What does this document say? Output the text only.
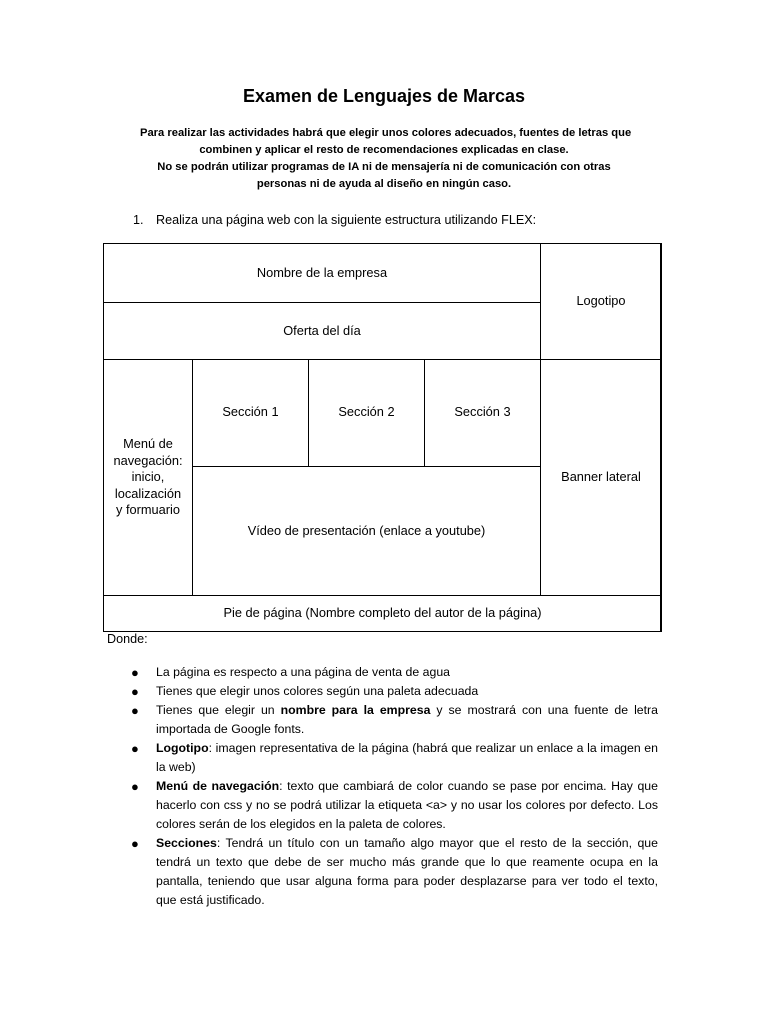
Examen de Lenguajes de Marcas
Para realizar las actividades habrá que elegir unos colores adecuados, fuentes de letras que
combinen y aplicar el resto de recomendaciones explicadas en clase.
No se podrán utilizar programas de IA ni de mensajería ni de comunicación con otras
personas ni de ayuda al diseño en ningún caso.
1. Realiza una página web con la siguiente estructura utilizando FLEX:
Nombre de la empresa
Oferta del día
Logotipo
Menú de
navegación:
inicio,
localización
y formuario
Sección 1	Sección 2	Sección 3
Vídeo de presentación (enlace a youtube)
Banner lateral
Pie de página (Nombre completo del autor de la página)
Donde:
● La página es respecto a una página de venta de agua
● Tienes que elegir unos colores según una paleta adecuada
● Tienes que elegir un nombre para la empresa y se mostrará con una fuente de letra importada de Google fonts.
● Logotipo: imagen representativa de la página (habrá que realizar un enlace a la imagen en la web)
● Menú de navegación: texto que cambiará de color cuando se pase por encima. Hay que hacerlo con css y no se podrá utilizar la etiqueta <a> y no usar los colores por defecto. Los colores serán de los elegidos en la paleta de colores.
● Secciones: Tendrá un título con un tamaño algo mayor que el resto de la sección, que tendrá un texto que debe de ser mucho más grande que lo que reamente ocupa en la pantalla, teniendo que usar alguna forma para poder desplazarse para ver todo el texto, que está justificado.
